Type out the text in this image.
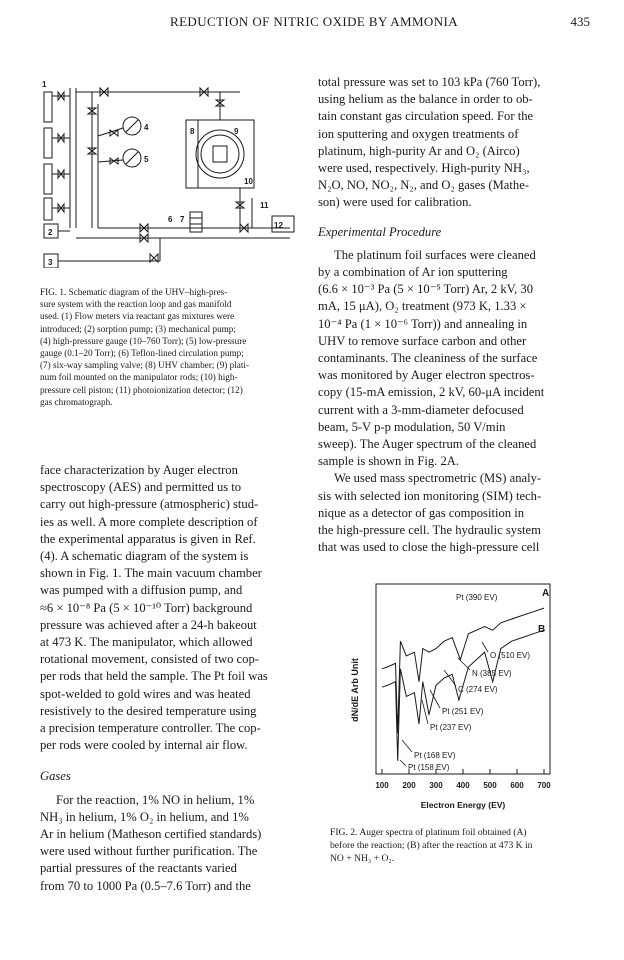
REDUCTION OF NITRIC OXIDE BY AMMONIA	435
1
2
3
4
5
6 7
8	9
10
11
12
FIG. 1. Schematic diagram of the UHV–high-pres-
sure system with the reaction loop and gas manifold
used. (1) Flow meters via reactant gas mixtures were
introduced; (2) sorption pump; (3) mechanical pump;
(4) high-pressure gauge (10–760 Torr); (5) low-pressure
gauge (0.1–20 Torr); (6) Teflon-lined circulation pump;
(7) six-way sampling valve; (8) UHV chamber; (9) plati-
num foil mounted on the manipulator rods; (10) high-
pressure cell piston; (11) photoionization detector; (12)
gas chromatograph.
face characterization by Auger electron
spectroscopy (AES) and permitted us to
carry out high-pressure (atmospheric) stud-
ies as well. A more complete description of
the experimental apparatus is given in Ref.
(4). A schematic diagram of the system is
shown in Fig. 1. The main vacuum chamber
was pumped with a diffusion pump, and
≈6 × 10⁻⁸ Pa (5 × 10⁻¹⁰ Torr) background
pressure was achieved after a 24-h bakeout
at 473 K. The manipulator, which allowed
rotational movement, consisted of two cop-
per rods that held the sample. The Pt foil was
spot-welded to gold wires and was heated
resistively to the desired temperature using
a precision temperature controller. The cop-
per rods were cooled by internal air flow.
Gases
For the reaction, 1% NO in helium, 1%
NH₃ in helium, 1% O₂ in helium, and 1%
Ar in helium (Matheson certified standards)
were used without further purification. The
partial pressures of the reactants varied
from 70 to 1000 Pa (0.5–7.6 Torr) and the
total pressure was set to 103 kPa (760 Torr),
using helium as the balance in order to ob-
tain constant gas circulation speed. For the
ion sputtering and oxygen treatments of
platinum, high-purity Ar and O₂ (Airco)
were used, respectively. High-purity NH₃,
N₂O, NO, NO₂, N₂, and O₂ gases (Mathe-
son) were used for calibration.
Experimental Procedure
The platinum foil surfaces were cleaned
by a combination of Ar ion sputtering
(6.6 × 10⁻³ Pa (5 × 10⁻⁵ Torr) Ar, 2 kV, 30
mA, 15 μA), O₂ treatment (973 K, 1.33 ×
10⁻⁴ Pa (1 × 10⁻⁶ Torr)) and annealing in
UHV to remove surface carbon and other
contaminants. The cleaniness of the surface
was monitored by Auger electron spectros-
copy (15-mA emission, 2 kV, 60-μA incident
current with a 3-mm-diameter defocused
beam, 5-V p-p modulation, 50 V/min
sweep). The Auger spectrum of the cleaned
sample is shown in Fig. 2A.
We used mass spectrometric (MS) analy-
sis with selected ion monitoring (SIM) tech-
nique as a detector of gas composition in
the high-pressure cell. The hydraulic system
that was used to close the high-pressure cell
100 200 300 400 500 600 700
dN/dE Arb Unit
Electron Energy (EV)
A
B
Pt (390 EV)
O (510 EV)
N (385 EV)
C (274 EV)
Pt (251 EV)
Pt (237 EV)
Pt (168 EV)
Pt (158 EV)
FIG. 2. Auger spectra of platinum foil obtained (A)
before the reaction; (B) after the reaction at 473 K in
NO + NH₃ + O₂.
